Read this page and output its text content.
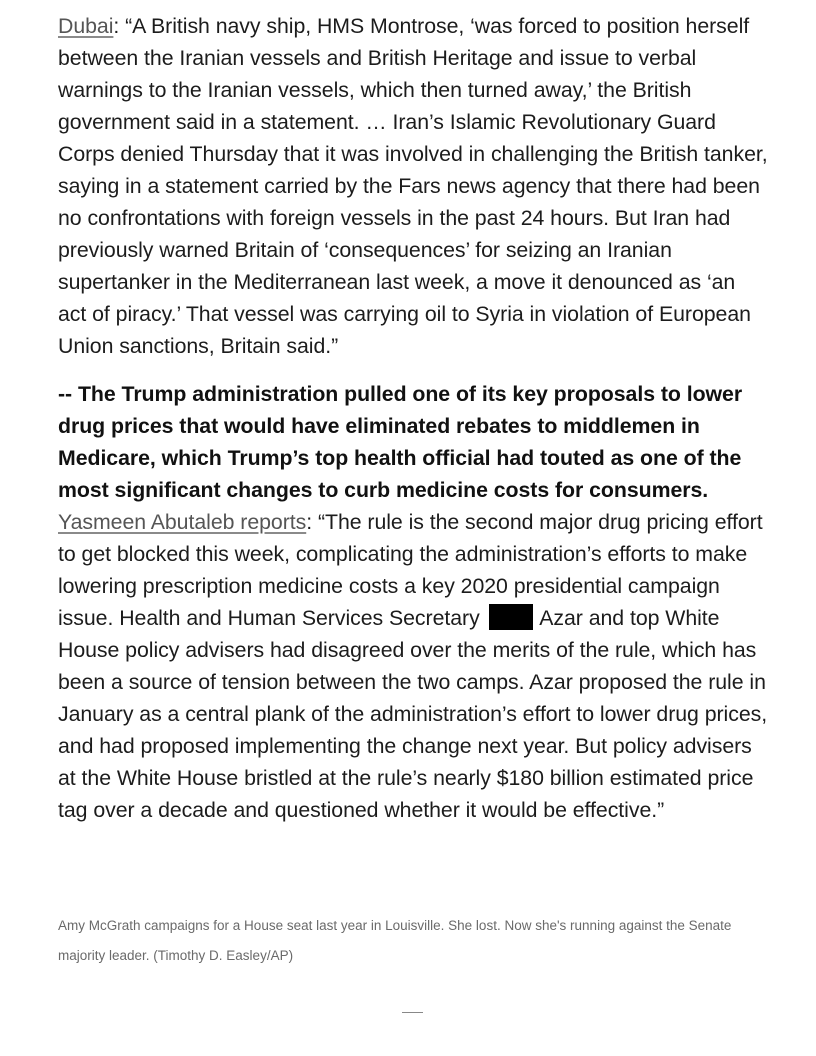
Dubai: “A British navy ship, HMS Montrose, ‘was forced to position herself between the Iranian vessels and British Heritage and issue to verbal warnings to the Iranian vessels, which then turned away,’ the British government said in a statement. … Iran’s Islamic Revolutionary Guard Corps denied Thursday that it was involved in challenging the British tanker, saying in a statement carried by the Fars news agency that there had been no confrontations with foreign vessels in the past 24 hours. But Iran had previously warned Britain of ‘consequences’ for seizing an Iranian supertanker in the Mediterranean last week, a move it denounced as ‘an act of piracy.’ That vessel was carrying oil to Syria in violation of European Union sanctions, Britain said.”

-- The Trump administration pulled one of its key proposals to lower drug prices that would have eliminated rebates to middlemen in Medicare, which Trump’s top health official had touted as one of the most significant changes to curb medicine costs for consumers. Yasmeen Abutaleb reports: “The rule is the second major drug pricing effort to get blocked this week, complicating the administration’s efforts to make lowering prescription medicine costs a key 2020 presidential campaign issue. Health and Human Services Secretary	Azar and top White House policy advisers had disagreed over the merits of the rule, which has been a source of tension between the two camps. Azar proposed the rule in January as a central plank of the administration’s effort to lower drug prices, and had proposed implementing the change next year. But policy advisers at the White House bristled at the rule’s nearly $180 billion estimated price tag over a decade and questioned whether it would be effective.”

Amy McGrath campaigns for a House seat last year in Louisville. She lost. Now she's running against the Senate majority leader. (Timothy D. Easley/AP)
